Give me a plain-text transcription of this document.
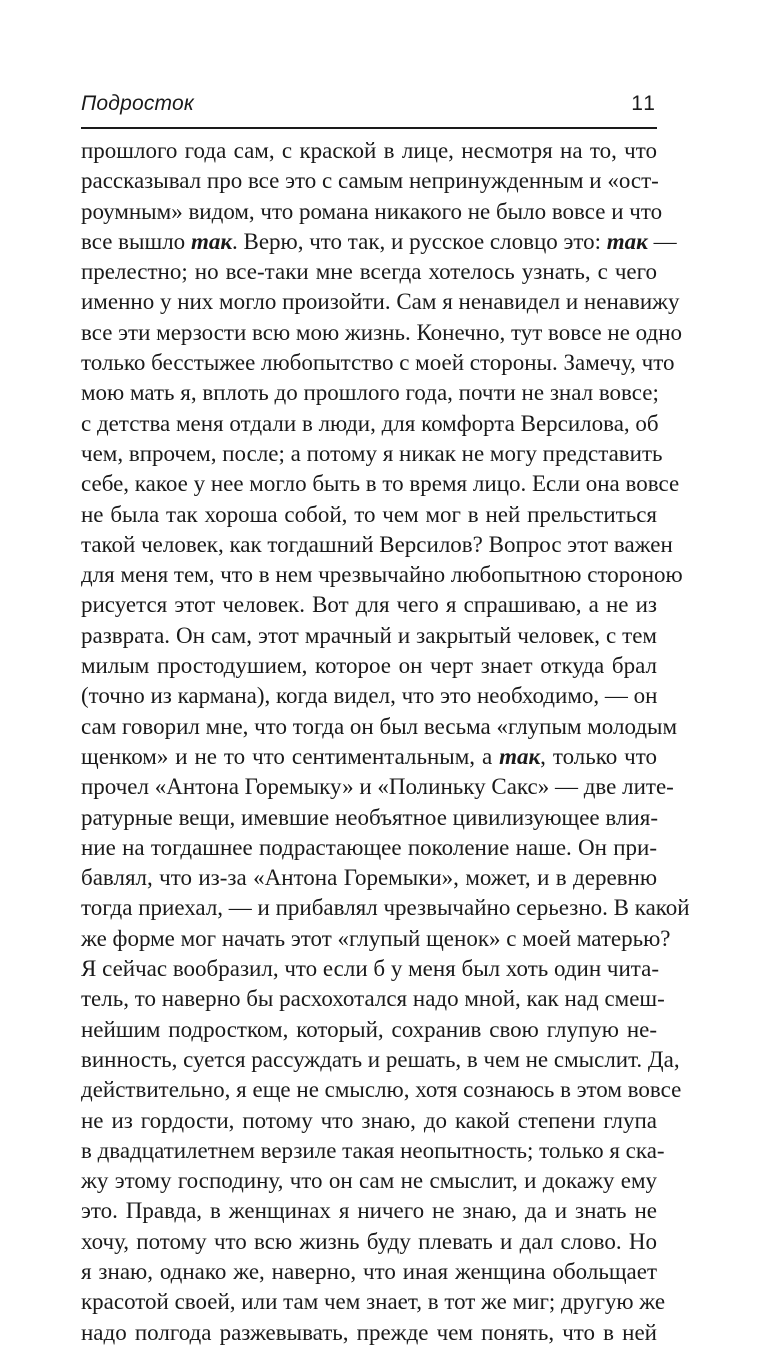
Подросток	11
прошлого года сам, с краской в лице, несмотря на то, что
рассказывал про все это с самым непринужденным и «ост-
роумным» видом, что романа никакого не было вовсе и что
все вышло так. Верю, что так, и русское словцо это: так —
прелестно; но все-таки мне всегда хотелось узнать, с чего
именно у них могло произойти. Сам я ненавидел и ненавижу
все эти мерзости всю мою жизнь. Конечно, тут вовсе не одно
только бесстыжее любопытство с моей стороны. Замечу, что
мою мать я, вплоть до прошлого года, почти не знал вовсе;
с детства меня отдали в люди, для комфорта Версилова, об
чем, впрочем, после; а потому я никак не могу представить
себе, какое у нее могло быть в то время лицо. Если она вовсе
не была так хороша собой, то чем мог в ней прельститься
такой человек, как тогдашний Версилов? Вопрос этот важен
для меня тем, что в нем чрезвычайно любопытною стороною
рисуется этот человек. Вот для чего я спрашиваю, а не из
разврата. Он сам, этот мрачный и закрытый человек, с тем
милым простодушием, которое он черт знает откуда брал
(точно из кармана), когда видел, что это необходимо, — он
сам говорил мне, что тогда он был весьма «глупым молодым
щенком» и не то что сентиментальным, а так, только что
прочел «Антона Горемыку» и «Полиньку Сакс» — две лите-
ратурные вещи, имевшие необъятное цивилизующее влия-
ние на тогдашнее подрастающее поколение наше. Он при-
бавлял, что из-за «Антона Горемыки», может, и в деревню
тогда приехал, — и прибавлял чрезвычайно серьезно. В какой
же форме мог начать этот «глупый щенок» с моей матерью?
Я сейчас вообразил, что если б у меня был хоть один чита-
тель, то наверно бы расхохотался надо мной, как над смеш-
нейшим подростком, который, сохранив свою глупую не-
винность, суется рассуждать и решать, в чем не смыслит. Да,
действительно, я еще не смыслю, хотя сознаюсь в этом вовсе
не из гордости, потому что знаю, до какой степени глупа
в двадцатилетнем верзиле такая неопытность; только я ска-
жу этому господину, что он сам не смыслит, и докажу ему
это. Правда, в женщинах я ничего не знаю, да и знать не
хочу, потому что всю жизнь буду плевать и дал слово. Но
я знаю, однако же, наверно, что иная женщина обольщает
красотой своей, или там чем знает, в тот же миг; другую же
надо полгода разжевывать, прежде чем понять, что в ней
